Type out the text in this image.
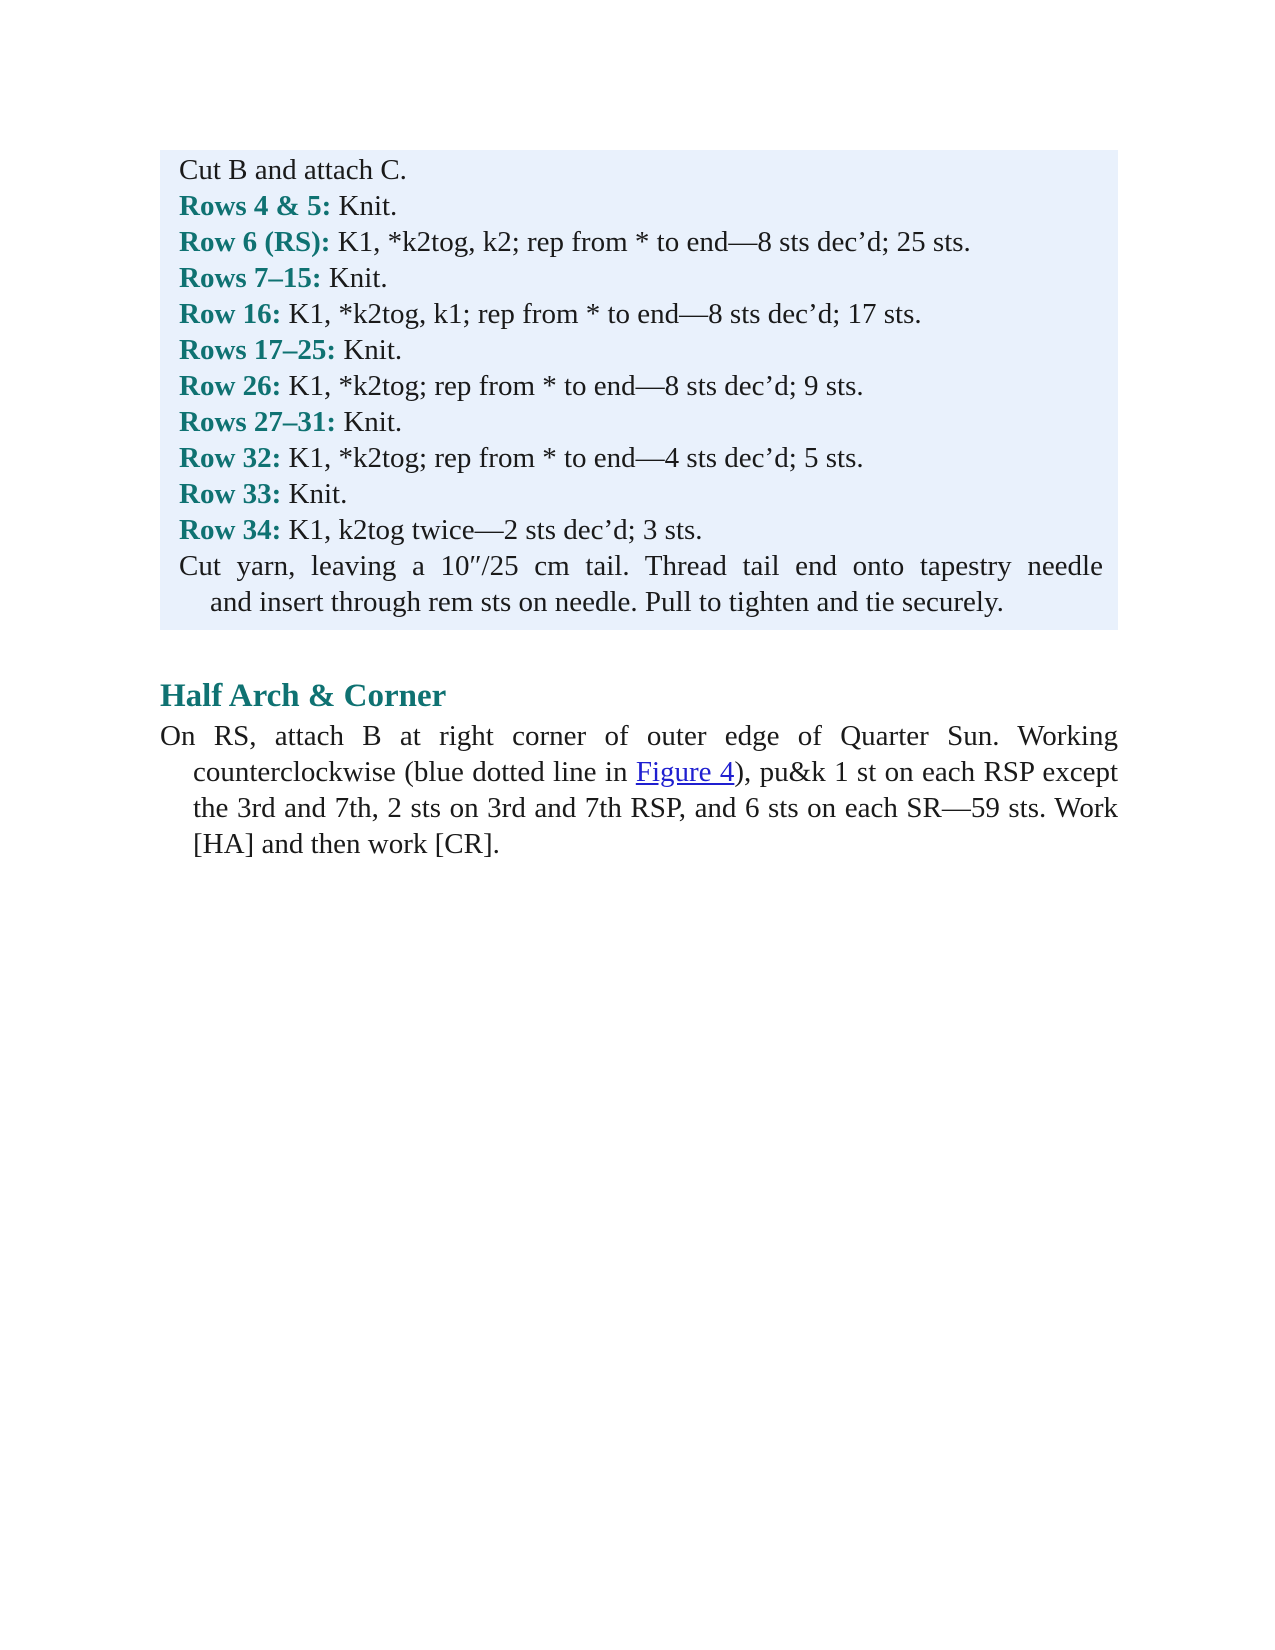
Cut B and attach C.
Rows 4 & 5: Knit.
Row 6 (RS): K1, *k2tog, k2; rep from * to end—8 sts dec’d; 25 sts.
Rows 7–15: Knit.
Row 16: K1, *k2tog, k1; rep from * to end—8 sts dec’d; 17 sts.
Rows 17–25: Knit.
Row 26: K1, *k2tog; rep from * to end—8 sts dec’d; 9 sts.
Rows 27–31: Knit.
Row 32: K1, *k2tog; rep from * to end—4 sts dec’d; 5 sts.
Row 33: Knit.
Row 34: K1, k2tog twice—2 sts dec’d; 3 sts.
Cut yarn, leaving a 10″/25 cm tail. Thread tail end onto tapestry needle
and insert through rem sts on needle. Pull to tighten and tie securely.
Half Arch & Corner

On RS, attach B at right corner of outer edge of Quarter Sun. Working counterclockwise (blue dotted line in Figure 4), pu&k 1 st on each RSP except the 3rd and 7th, 2 sts on 3rd and 7th RSP, and 6 sts on each SR—59 sts. Work [HA] and then work [CR].
